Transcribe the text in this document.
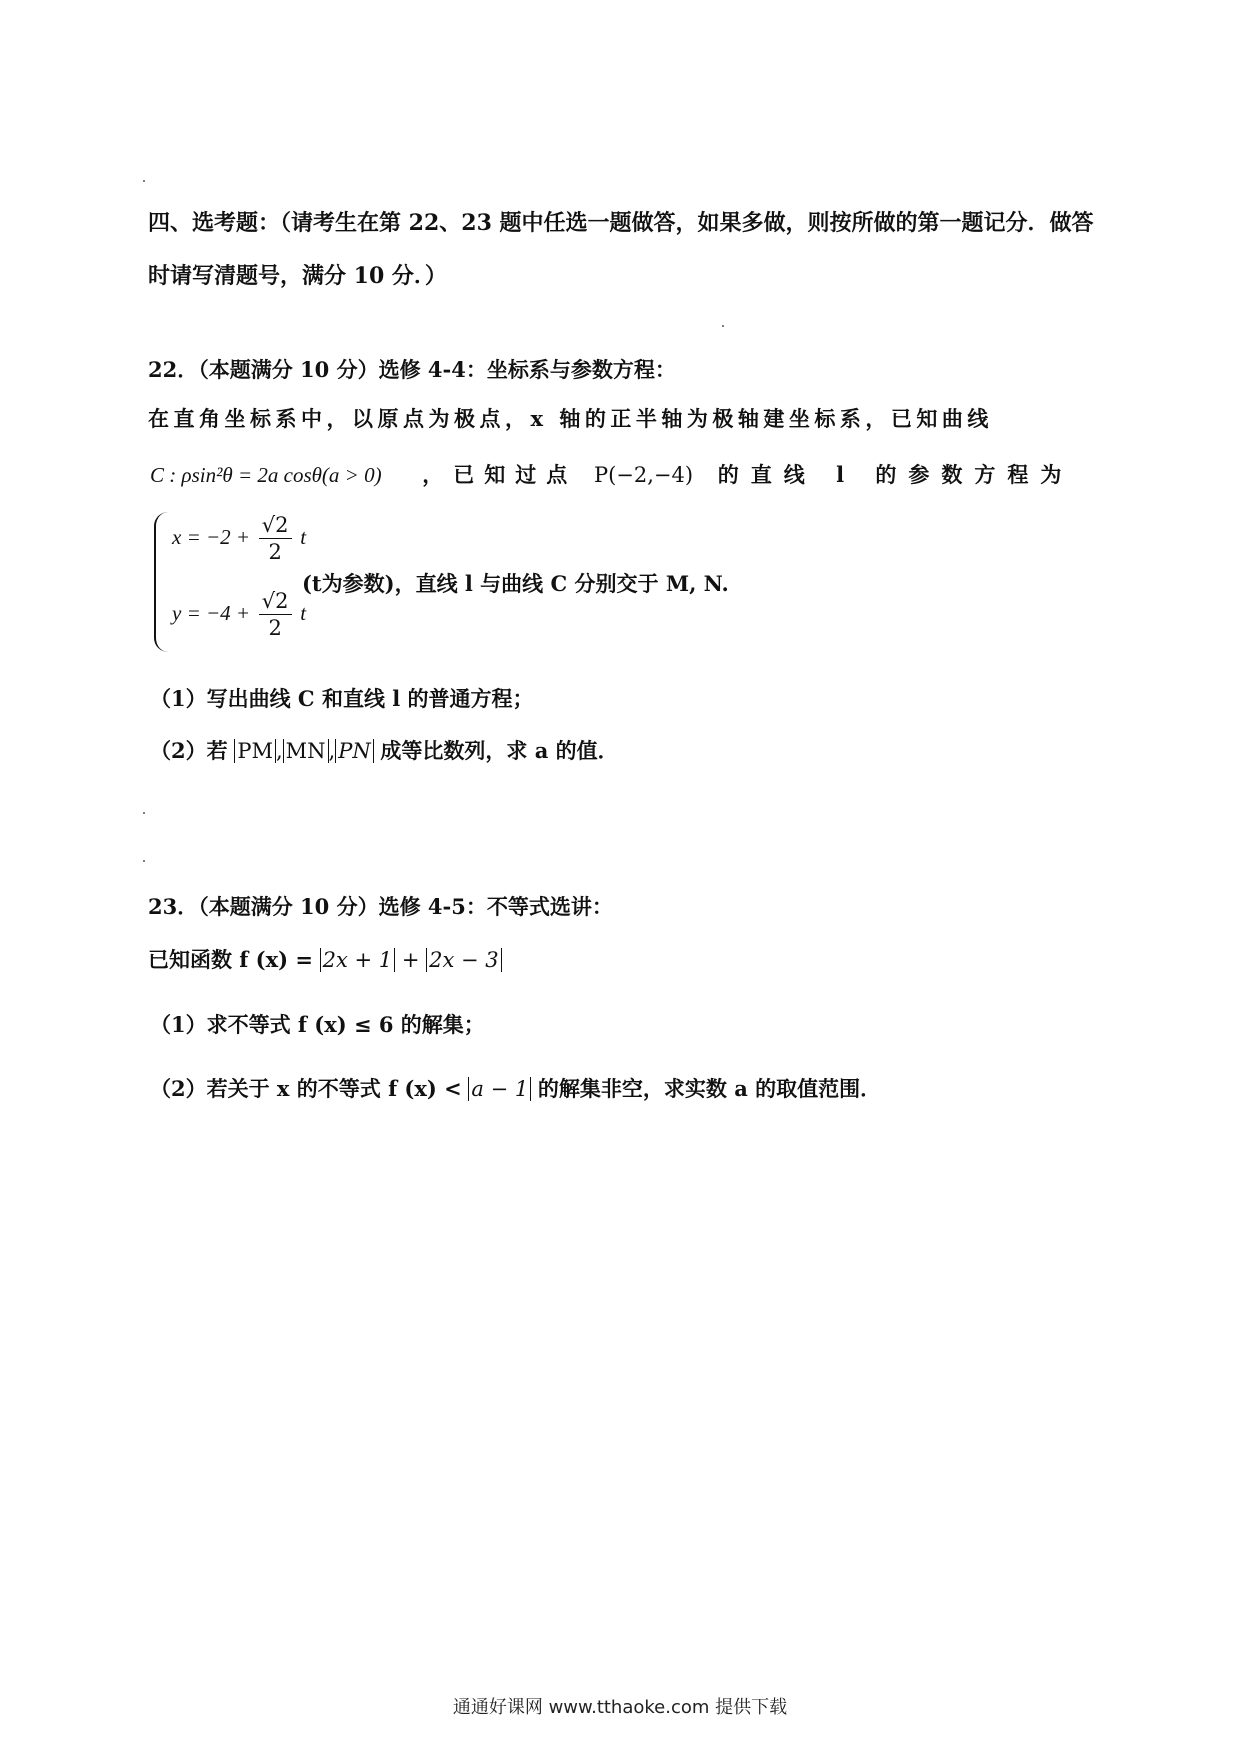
四、选考题：（请考生在第 22、23 题中任选一题做答，如果多做，则按所做的第一题记分．做答
时请写清题号，满分 10 分．）
22．（本题满分 10 分）选修 4-4：坐标系与参数方程：
在直角坐标系中，以原点为极点，x 轴的正半轴为极轴建坐标系，已知曲线
C : ρsin²θ = 2a cosθ(a > 0) ，已知过点 P(−2,−4) 的直线 l 的参数方程为
$x = -2 + \frac{√2}{2}$ t
$y = -4 + \frac{√2}{2}$ t
(t为参数)，直线 l 与曲线 C 分别交于 M, N.
（1）写出曲线 C 和直线 l 的普通方程；
（2）若 PM , MN , PN 成等比数列，求 a 的值．
23．（本题满分 10 分）选修 4-5：不等式选讲：
已知函数 f (x) = 2x + 1 + 2x − 3
（1）求不等式 f (x) ≤ 6 的解集；
（2）若关于 x 的不等式 f (x) < a − 1 的解集非空，求实数 a 的取值范围．
通通好课网 www.tthaoke.com 提供下载
